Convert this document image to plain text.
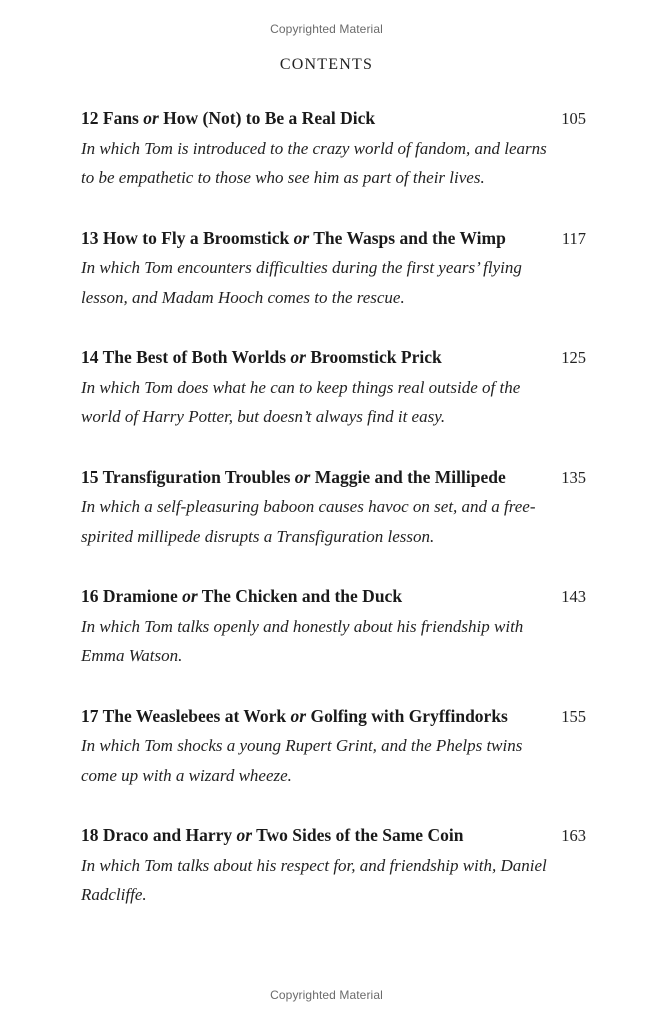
Copyrighted Material
CONTENTS
12 Fans or How (Not) to Be a Real Dick	105
In which Tom is introduced to the crazy world of fandom, and learns to be empathetic to those who see him as part of their lives.
13 How to Fly a Broomstick or The Wasps and the Wimp	117
In which Tom encounters difficulties during the first years’ flying lesson, and Madam Hooch comes to the rescue.
14 The Best of Both Worlds or Broomstick Prick	125
In which Tom does what he can to keep things real outside of the world of Harry Potter, but doesn’t always find it easy.
15 Transfiguration Troubles or Maggie and the Millipede	135
In which a self-pleasuring baboon causes havoc on set, and a free-spirited millipede disrupts a Transfiguration lesson.
16 Dramione or The Chicken and the Duck	143
In which Tom talks openly and honestly about his friendship with Emma Watson.
17 The Weaslebees at Work or Golfing with Gryffindorks	155
In which Tom shocks a young Rupert Grint, and the Phelps twins come up with a wizard wheeze.
18 Draco and Harry or Two Sides of the Same Coin	163
In which Tom talks about his respect for, and friendship with, Daniel Radcliffe.
Copyrighted Material
